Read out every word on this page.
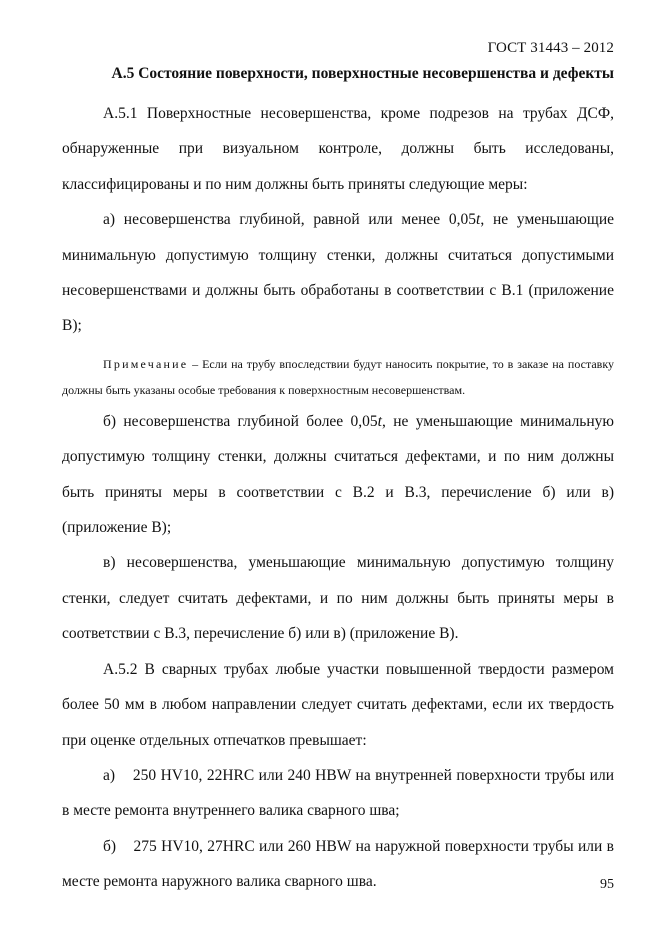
ГОСТ 31443 – 2012
А.5 Состояние поверхности, поверхностные несовершенства и дефекты

А.5.1 Поверхностные несовершенства, кроме подрезов на трубах ДСФ, обнаруженные при визуальном контроле, должны быть исследованы, классифицированы и по ним должны быть приняты следующие меры:

а) несовершенства глубиной, равной или менее 0,05t, не уменьшающие минимальную допустимую толщину стенки, должны считаться допустимыми несовершенствами и должны быть обработаны в соответствии с В.1 (приложение В);

Примечание – Если на трубу впоследствии будут наносить покрытие, то в заказе на поставку должны быть указаны особые требования к поверхностным несовершенствам.

б) несовершенства глубиной более 0,05t, не уменьшающие минимальную допустимую толщину стенки, должны считаться дефектами, и по ним должны быть приняты меры в соответствии с В.2 и В.3, перечисление б) или в) (приложение В);

в) несовершенства, уменьшающие минимальную допустимую толщину стенки, следует считать дефектами, и по ним должны быть приняты меры в соответствии с В.3, перечисление б) или в) (приложение В).

А.5.2 В сварных трубах любые участки повышенной твердости размером более 50 мм в любом направлении следует считать дефектами, если их твердость при оценке отдельных отпечатков превышает:

а)    250 HV10, 22HRC или 240 HBW на внутренней поверхности трубы или в месте ремонта внутреннего валика сварного шва;

б)    275 HV10, 27HRC или 260 HBW на наружной поверхности трубы или в месте ремонта наружного валика сварного шва.	95
